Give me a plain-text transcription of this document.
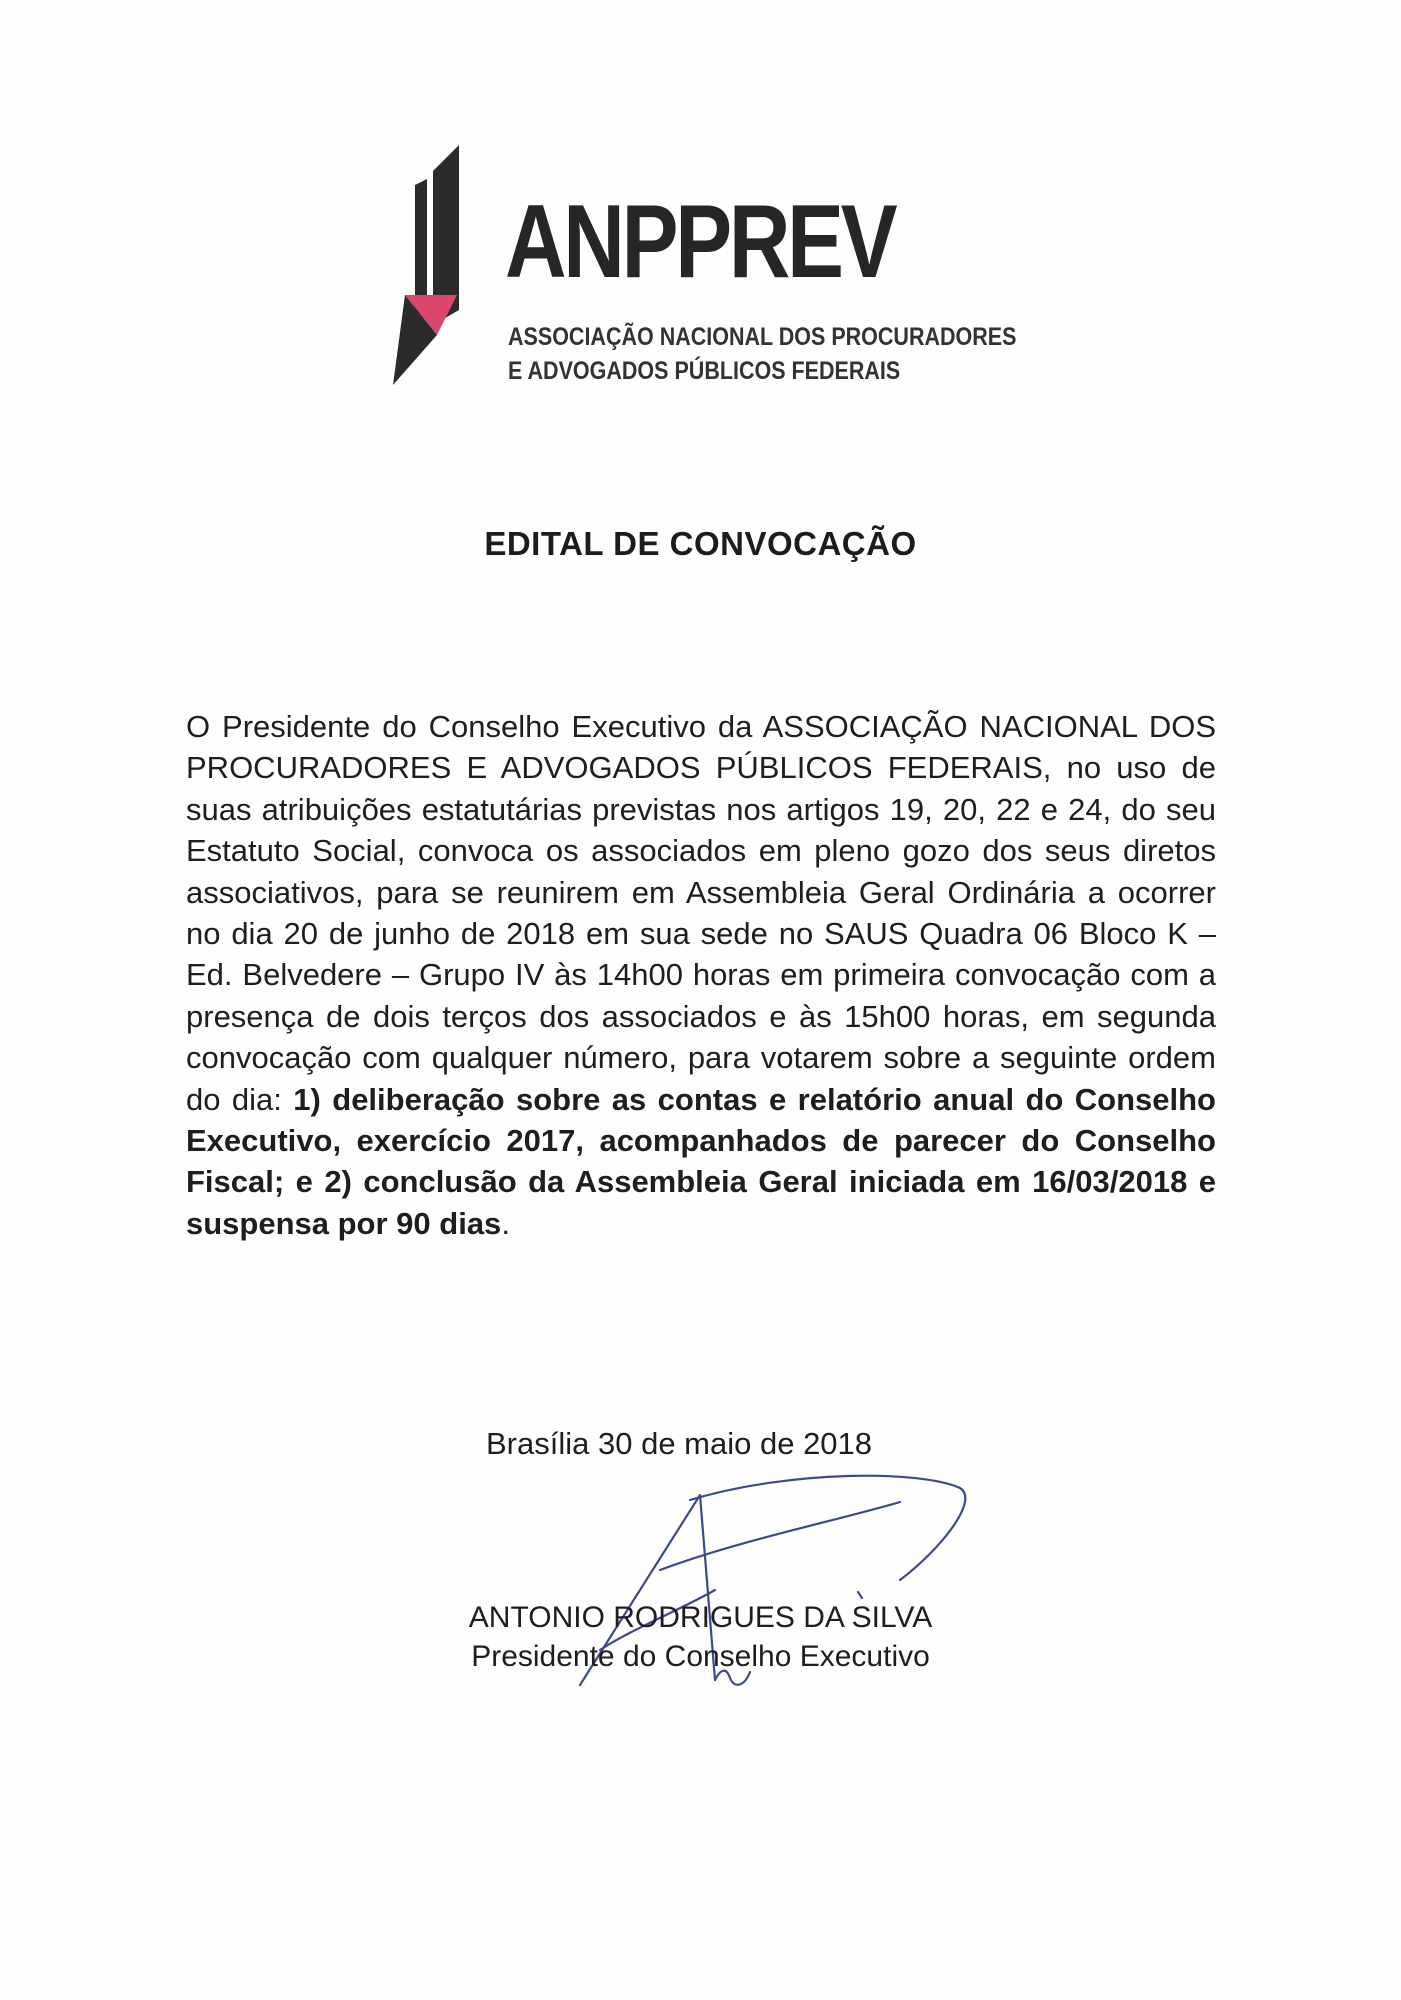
ANPPREV
ASSOCIAÇÃO NACIONAL DOS PROCURADORES
E ADVOGADOS PÚBLICOS FEDERAIS
EDITAL DE CONVOCAÇÃO
O Presidente do Conselho Executivo da ASSOCIAÇÃO NACIONAL DOS PROCURADORES E ADVOGADOS PÚBLICOS FEDERAIS, no uso de suas atribuições estatutárias previstas nos artigos 19, 20, 22 e 24, do seu Estatuto Social, convoca os associados em pleno gozo dos seus diretos associativos, para se reunirem em Assembleia Geral Ordinária a ocorrer no dia 20 de junho de 2018 em sua sede no SAUS Quadra 06 Bloco K – Ed. Belvedere – Grupo IV às 14h00 horas em primeira convocação com a presença de dois terços dos associados e às 15h00 horas, em segunda convocação com qualquer número, para votarem sobre a seguinte ordem do dia: 1) deliberação sobre as contas e relatório anual do Conselho Executivo, exercício 2017, acompanhados de parecer do Conselho Fiscal; e 2) conclusão da Assembleia Geral iniciada em 16/03/2018 e suspensa por 90 dias.
Brasília 30 de maio de 2018
ANTONIO RODRIGUES DA SILVA
Presidente do Conselho Executivo
